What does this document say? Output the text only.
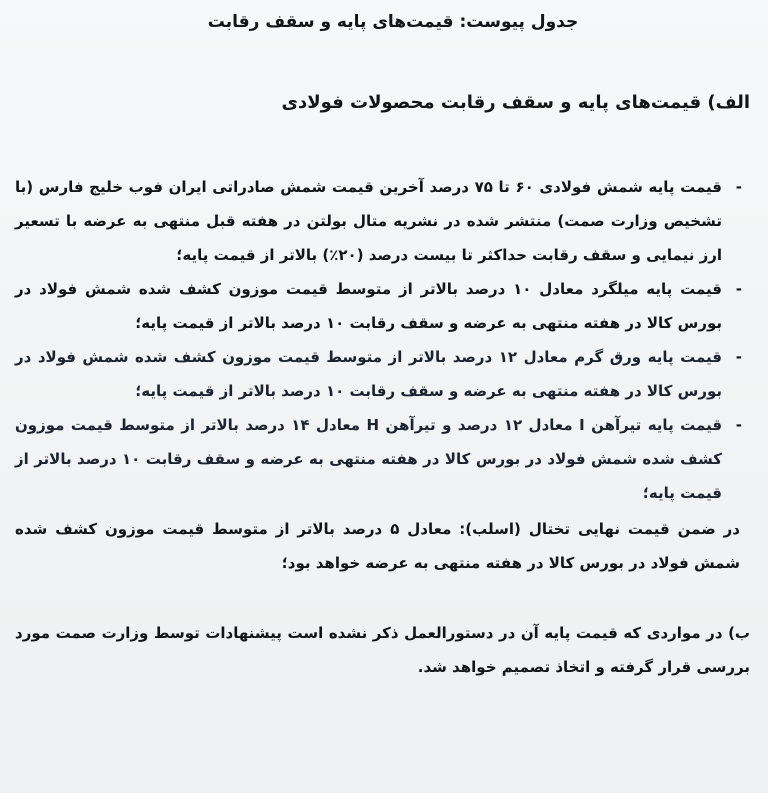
جدول پیوست: قیمت‌های پایه و سقف رقابت
الف) قیمت‌های پایه و سقف رقابت محصولات فولادی
-
قیمت پایه شمش فولادی ۶۰ تا ۷۵ درصد آخرین قیمت شمش صادراتی ایران فوب خلیج فارس (با تشخیص وزارت صمت) منتشر شده در نشریه متال بولتن در هفته قبل منتهی به عرضه با تسعیر ارز نیمایی و سقف رقابت حداکثر تا بیست درصد (۲۰٪) بالاتر از قیمت پایه؛
-
قیمت پایه میلگرد معادل ۱۰ درصد بالاتر از متوسط قیمت موزون کشف شده شمش فولاد در بورس کالا در هفته منتهی به عرضه و سقف رقابت ۱۰ درصد بالاتر از قیمت پایه؛
-
قیمت پایه ورق گرم معادل ۱۲ درصد بالاتر از متوسط قیمت موزون کشف شده شمش فولاد در بورس کالا در هفته منتهی به عرضه و سقف رقابت ۱۰ درصد بالاتر از قیمت پایه؛
-
قیمت پایه تیرآهن I معادل ۱۲ درصد و تیرآهن H معادل ۱۴ درصد بالاتر از متوسط قیمت موزون کشف شده شمش فولاد در بورس کالا در هفته منتهی به عرضه و سقف رقابت ۱۰ درصد بالاتر از قیمت پایه؛
در ضمن قیمت نهایی تختال (اسلب): معادل ۵ درصد بالاتر از متوسط قیمت موزون کشف شده شمش فولاد در بورس کالا در هفته منتهی به عرضه خواهد بود؛
ب) در مواردی که قیمت پایه آن در دستورالعمل ذکر نشده است پیشنهادات توسط وزارت صمت مورد بررسی قرار گرفته و اتخاذ تصمیم خواهد شد.
